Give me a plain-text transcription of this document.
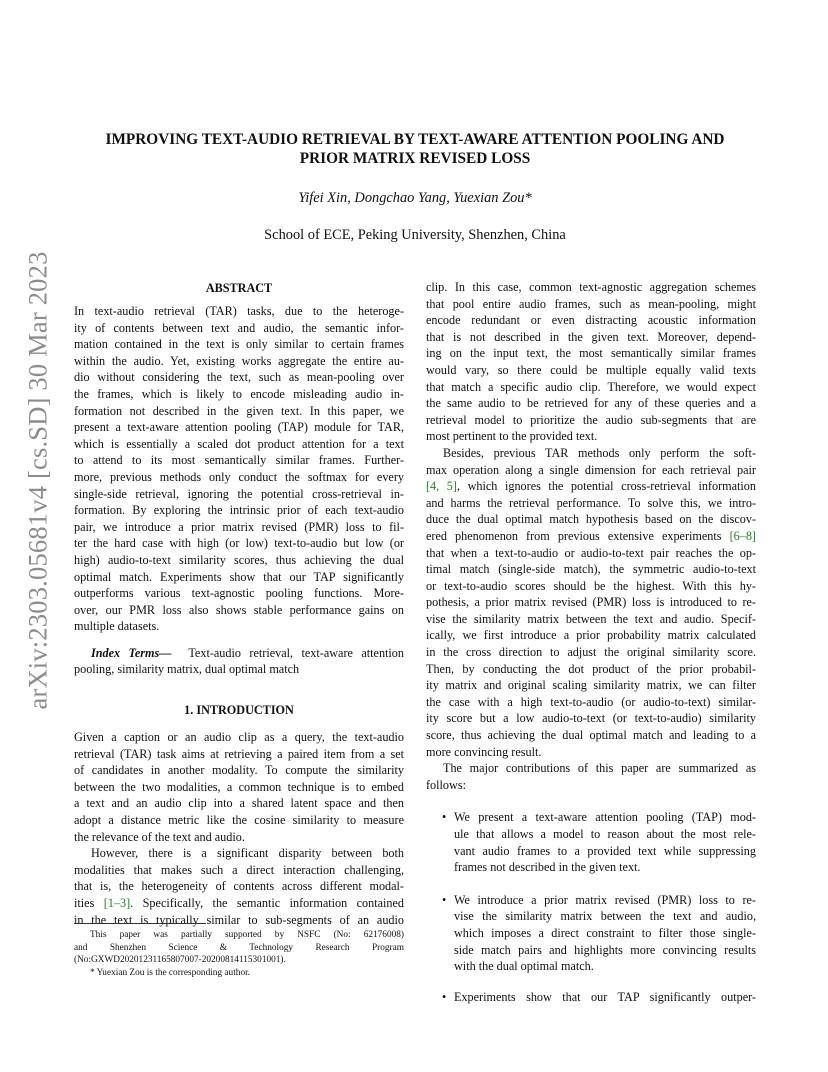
arXiv:2303.05681v4 [cs.SD] 30 Mar 2023
IMPROVING TEXT-AUDIO RETRIEVAL BY TEXT-AWARE ATTENTION POOLING AND
PRIOR MATRIX REVISED LOSS
Yifei Xin, Dongchao Yang, Yuexian Zou*
School of ECE, Peking University, Shenzhen, China
ABSTRACT
In text-audio retrieval (TAR) tasks, due to the heteroge-
ity of contents between text and audio, the semantic infor-
mation contained in the text is only similar to certain frames
within the audio. Yet, existing works aggregate the entire au-
dio without considering the text, such as mean-pooling over
the frames, which is likely to encode misleading audio in-
formation not described in the given text. In this paper, we
present a text-aware attention pooling (TAP) module for TAR,
which is essentially a scaled dot product attention for a text
to attend to its most semantically similar frames. Further-
more, previous methods only conduct the softmax for every
single-side retrieval, ignoring the potential cross-retrieval in-
formation. By exploring the intrinsic prior of each text-audio
pair, we introduce a prior matrix revised (PMR) loss to fil-
ter the hard case with high (or low) text-to-audio but low (or
high) audio-to-text similarity scores, thus achieving the dual
optimal match. Experiments show that our TAP significantly
outperforms various text-agnostic pooling functions. More-
over, our PMR loss also shows stable performance gains on
multiple datasets.
Index Terms— Text-audio retrieval, text-aware attention
pooling, similarity matrix, dual optimal match
1. INTRODUCTION
Given a caption or an audio clip as a query, the text-audio
retrieval (TAR) task aims at retrieving a paired item from a set
of candidates in another modality. To compute the similarity
between the two modalities, a common technique is to embed
a text and an audio clip into a shared latent space and then
adopt a distance metric like the cosine similarity to measure
the relevance of the text and audio.
However, there is a significant disparity between both
modalities that makes such a direct interaction challenging,
that is, the heterogeneity of contents across different modal-
ities [1–3]. Specifically, the semantic information contained
in the text is typically similar to sub-segments of an audio
This paper was partially supported by NSFC (No: 62176008)
and Shenzhen Science & Technology Research Program
(No:GXWD20201231165807007-20200814115301001).
* Yuexian Zou is the corresponding author.
clip. In this case, common text-agnostic aggregation schemes
that pool entire audio frames, such as mean-pooling, might
encode redundant or even distracting acoustic information
that is not described in the given text. Moreover, depend-
ing on the input text, the most semantically similar frames
would vary, so there could be multiple equally valid texts
that match a specific audio clip. Therefore, we would expect
the same audio to be retrieved for any of these queries and a
retrieval model to prioritize the audio sub-segments that are
most pertinent to the provided text.
Besides, previous TAR methods only perform the soft-
max operation along a single dimension for each retrieval pair
[4, 5], which ignores the potential cross-retrieval information
and harms the retrieval performance. To solve this, we intro-
duce the dual optimal match hypothesis based on the discov-
ered phenomenon from previous extensive experiments [6–8]
that when a text-to-audio or audio-to-text pair reaches the op-
timal match (single-side match), the symmetric audio-to-text
or text-to-audio scores should be the highest. With this hy-
pothesis, a prior matrix revised (PMR) loss is introduced to re-
vise the similarity matrix between the text and audio. Specif-
ically, we first introduce a prior probability matrix calculated
in the cross direction to adjust the original similarity score.
Then, by conducting the dot product of the prior probabil-
ity matrix and original scaling similarity matrix, we can filter
the case with a high text-to-audio (or audio-to-text) similar-
ity score but a low audio-to-text (or text-to-audio) similarity
score, thus achieving the dual optimal match and leading to a
more convincing result.
The major contributions of this paper are summarized as
follows:
• We present a text-aware attention pooling (TAP) mod-
ule that allows a model to reason about the most rele-
vant audio frames to a provided text while suppressing
frames not described in the given text.
• We introduce a prior matrix revised (PMR) loss to re-
vise the similarity matrix between the text and audio,
which imposes a direct constraint to filter those single-
side match pairs and highlights more convincing results
with the dual optimal match.
• Experiments show that our TAP significantly outper-
